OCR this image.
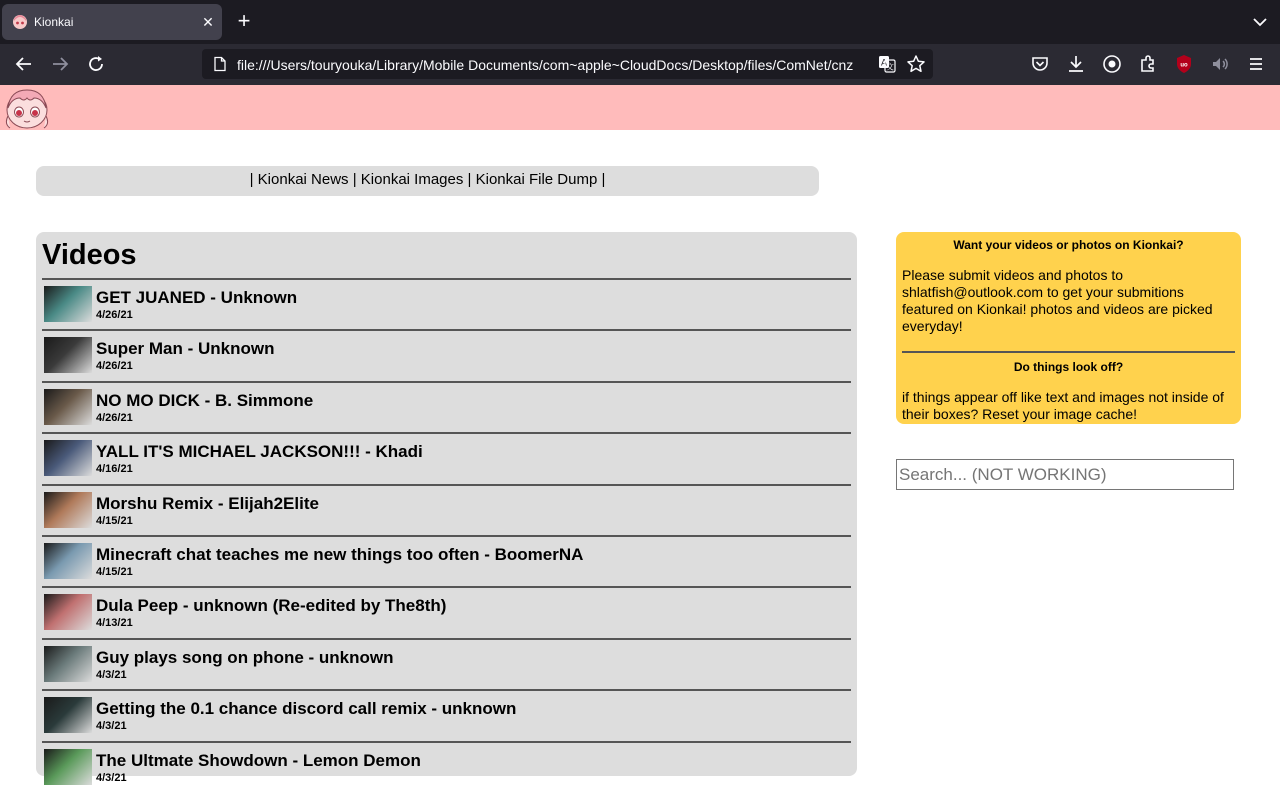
Kionkai	✕ +
file:///Users/touryouka/Library/Mobile Documents/com~apple~CloudDocs/Desktop/files/ComNet/cnz	A
文	uo
| Kionkai News | Kionkai Images | Kionkai File Dump |
Videos
GET JUANED - Unknown
4/26/21
Super Man - Unknown
4/26/21
NO MO DICK - B. Simmone
4/26/21
YALL IT'S MICHAEL JACKSON!!! - Khadi
4/16/21
Morshu Remix - Elijah2Elite
4/15/21
Minecraft chat teaches me new things too often - BoomerNA
4/15/21
Dula Peep - unknown (Re-edited by The8th)
4/13/21
Guy plays song on phone - unknown
4/3/21
Getting the 0.1 chance discord call remix - unknown
4/3/21
The Ultmate Showdown - Lemon Demon
4/3/21
Want your videos or photos on Kionkai?
Please submit videos and photos to shlatfish@outlook.com to get your submitions featured on Kionkai! photos and videos are picked everyday!
Do things look off?
if things appear off like text and images not inside of their boxes? Reset your image cache!
Search... (NOT WORKING)
